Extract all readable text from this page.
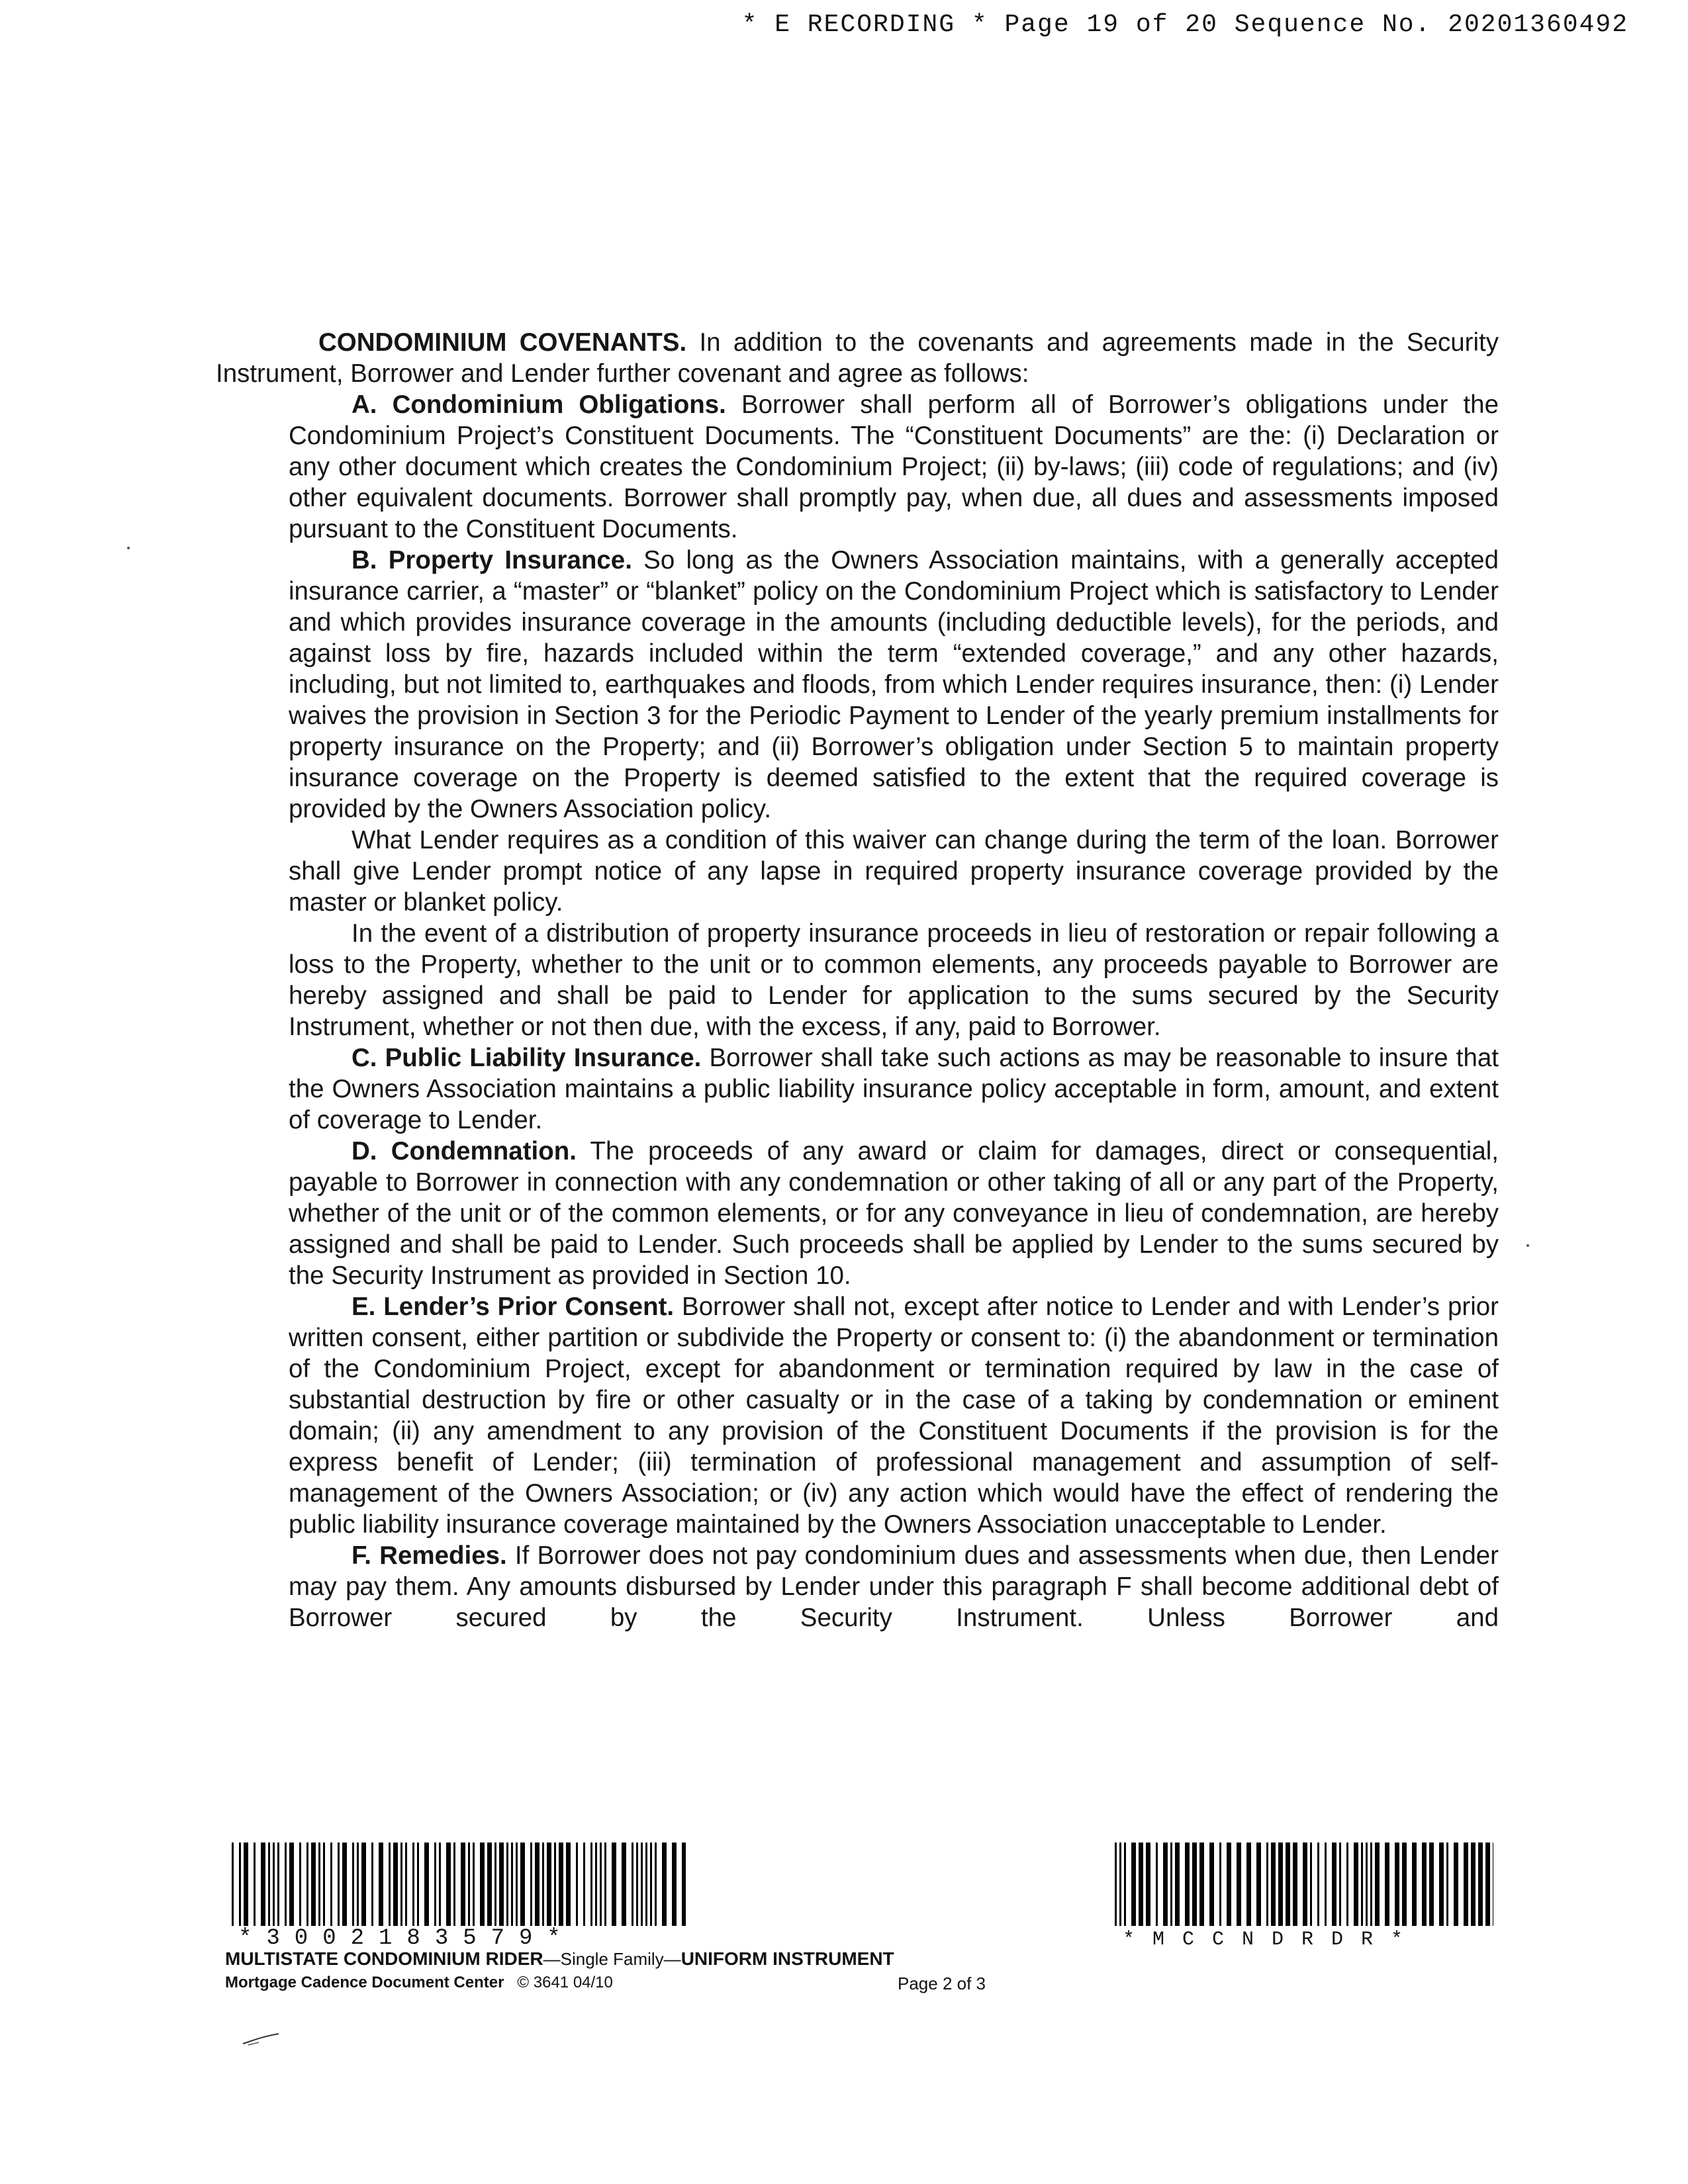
* E RECORDING * Page 19 of 20 Sequence No. 20201360492

CONDOMINIUM COVENANTS. In addition to the covenants and agreements made in the Security Instrument, Borrower and Lender further covenant and agree as follows:

A. Condominium Obligations. Borrower shall perform all of Borrower’s obligations under the Condominium Project’s Constituent Documents. The “Constituent Documents” are the: (i) Declaration or any other document which creates the Condominium Project; (ii) by-laws; (iii) code of regulations; and (iv) other equivalent documents. Borrower shall promptly pay, when due, all dues and assessments imposed pursuant to the Constituent Documents.

B. Property Insurance. So long as the Owners Association maintains, with a generally accepted insurance carrier, a “master” or “blanket” policy on the Condominium Project which is satisfactory to Lender and which provides insurance coverage in the amounts (including deductible levels), for the periods, and against loss by fire, hazards included within the term “extended coverage,” and any other hazards, including, but not limited to, earthquakes and floods, from which Lender requires insurance, then: (i) Lender waives the provision in Section 3 for the Periodic Payment to Lender of the yearly premium installments for property insurance on the Property; and (ii) Borrower’s obligation under Section 5 to maintain property insurance coverage on the Property is deemed satisfied to the extent that the required coverage is provided by the Owners Association policy.

What Lender requires as a condition of this waiver can change during the term of the loan. Borrower shall give Lender prompt notice of any lapse in required property insurance coverage provided by the master or blanket policy.

In the event of a distribution of property insurance proceeds in lieu of restoration or repair following a loss to the Property, whether to the unit or to common elements, any proceeds payable to Borrower are hereby assigned and shall be paid to Lender for application to the sums secured by the Security Instrument, whether or not then due, with the excess, if any, paid to Borrower.

C. Public Liability Insurance. Borrower shall take such actions as may be reasonable to insure that the Owners Association maintains a public liability insurance policy acceptable in form, amount, and extent of coverage to Lender.

D. Condemnation. The proceeds of any award or claim for damages, direct or consequential, payable to Borrower in connection with any condemnation or other taking of all or any part of the Property, whether of the unit or of the common elements, or for any conveyance in lieu of condemnation, are hereby assigned and shall be paid to Lender. Such proceeds shall be applied by Lender to the sums secured by the Security Instrument as provided in Section 10.

E. Lender’s Prior Consent. Borrower shall not, except after notice to Lender and with Lender’s prior written consent, either partition or subdivide the Property or consent to: (i) the abandonment or termination of the Condominium Project, except for abandonment or termination required by law in the case of substantial destruction by fire or other casualty or in the case of a taking by condemnation or eminent domain; (ii) any amendment to any provision of the Constituent Documents if the provision is for the express benefit of Lender; (iii) termination of professional management and assumption of self-management of the Owners Association; or (iv) any action which would have the effect of rendering the public liability insurance coverage maintained by the Owners Association unacceptable to Lender.

F. Remedies. If Borrower does not pay condominium dues and assessments when due, then Lender may pay them. Any amounts disbursed by Lender under this paragraph F shall become additional debt of Borrower secured by the Security Instrument. Unless Borrower and

*3002183579*	*MCCNDRDR*
MULTISTATE CONDOMINIUM RIDER—Single Family—UNIFORM INSTRUMENT
Mortgage Cadence Document Center © 3641 04/10	Page 2 of 3
